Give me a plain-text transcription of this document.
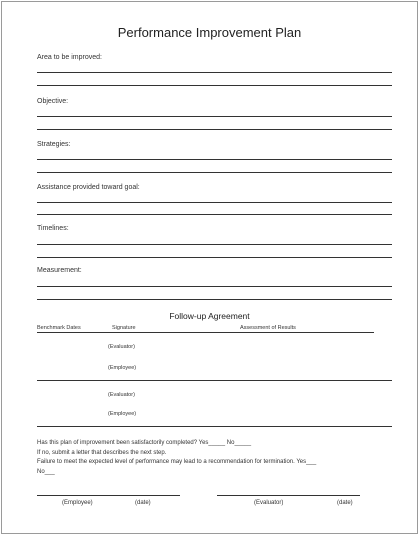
Performance Improvement Plan
Area to be improved:
Objective:
Strategies:
Assistance provided toward goal:
Timelines:
Measurement:
Follow-up Agreement
Benchmark Dates	Signature	Assessment of Results
(Evaluator)
(Employee)
(Evaluator)
(Employee)
Has this plan of improvement been satisfactorily completed? Yes_____ No_____
If no, submit a letter that describes the next step.
Failure to meet the expected level of performance may lead to a recommendation for termination. Yes___
No___
(Employee)	(date)	(Evaluator)	(date)
